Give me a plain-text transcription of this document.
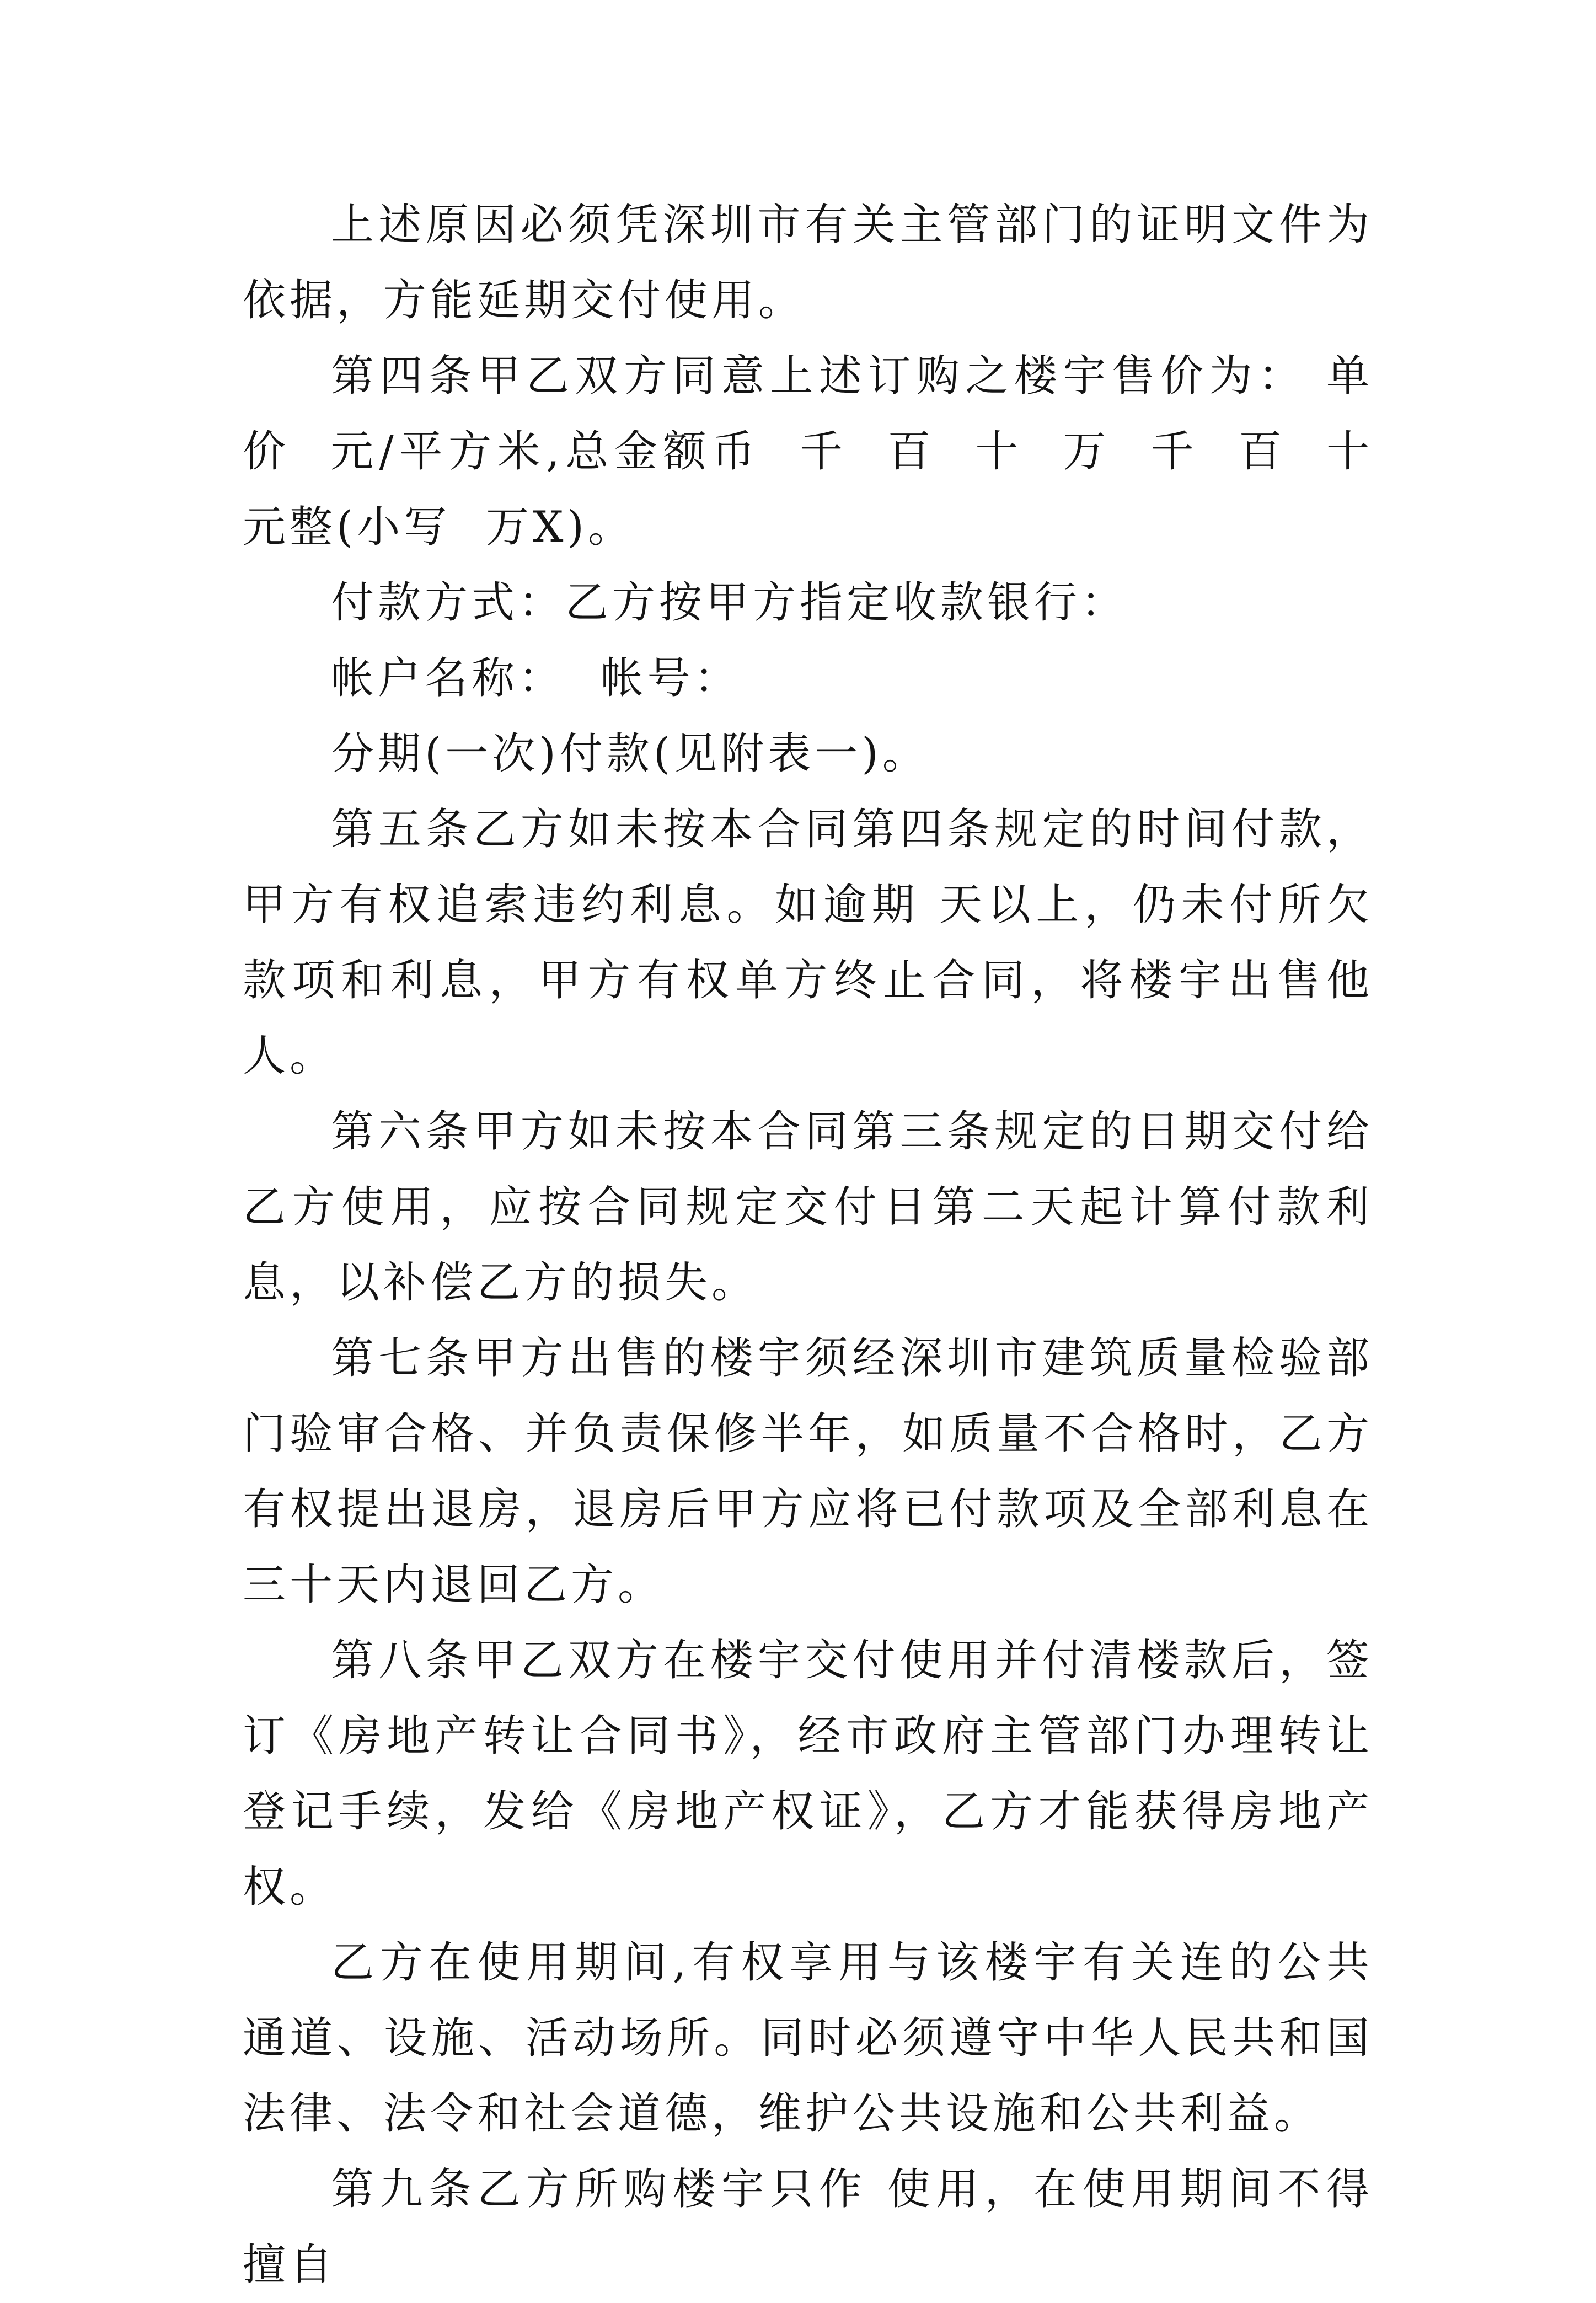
上述原因必须凭深圳市有关主管部门的证明文件为依据，方能延期交付使用。

第四条甲乙双方同意上述订购之楼宇售价为： 单价  元/平方米,总金额币  千  百  十  万  千  百  十  元整(小写  万X)。

付款方式：乙方按甲方指定收款银行：

帐户名称：  帐号：

分期(一次)付款(见附表一)。

第五条乙方如未按本合同第四条规定的时间付款，甲方有权追索违约利息。如逾期 天以上，仍未付所欠款项和利息，甲方有权单方终止合同，将楼宇出售他人。

第六条甲方如未按本合同第三条规定的日期交付给乙方使用，应按合同规定交付日第二天起计算付款利息，以补偿乙方的损失。

第七条甲方出售的楼宇须经深圳市建筑质量检验部门验审合格、并负责保修半年，如质量不合格时，乙方有权提出退房，退房后甲方应将已付款项及全部利息在三十天内退回乙方。

第八条甲乙双方在楼宇交付使用并付清楼款后，签订《房地产转让合同书》，经市政府主管部门办理转让登记手续，发给《房地产权证》，乙方才能获得房地产权。

乙方在使用期间,有权享用与该楼宇有关连的公共通道、设施、活动场所。同时必须遵守中华人民共和国法律、法令和社会道德，维护公共设施和公共利益。

第九条乙方所购楼宇只作 使用，在使用期间不得擅自
